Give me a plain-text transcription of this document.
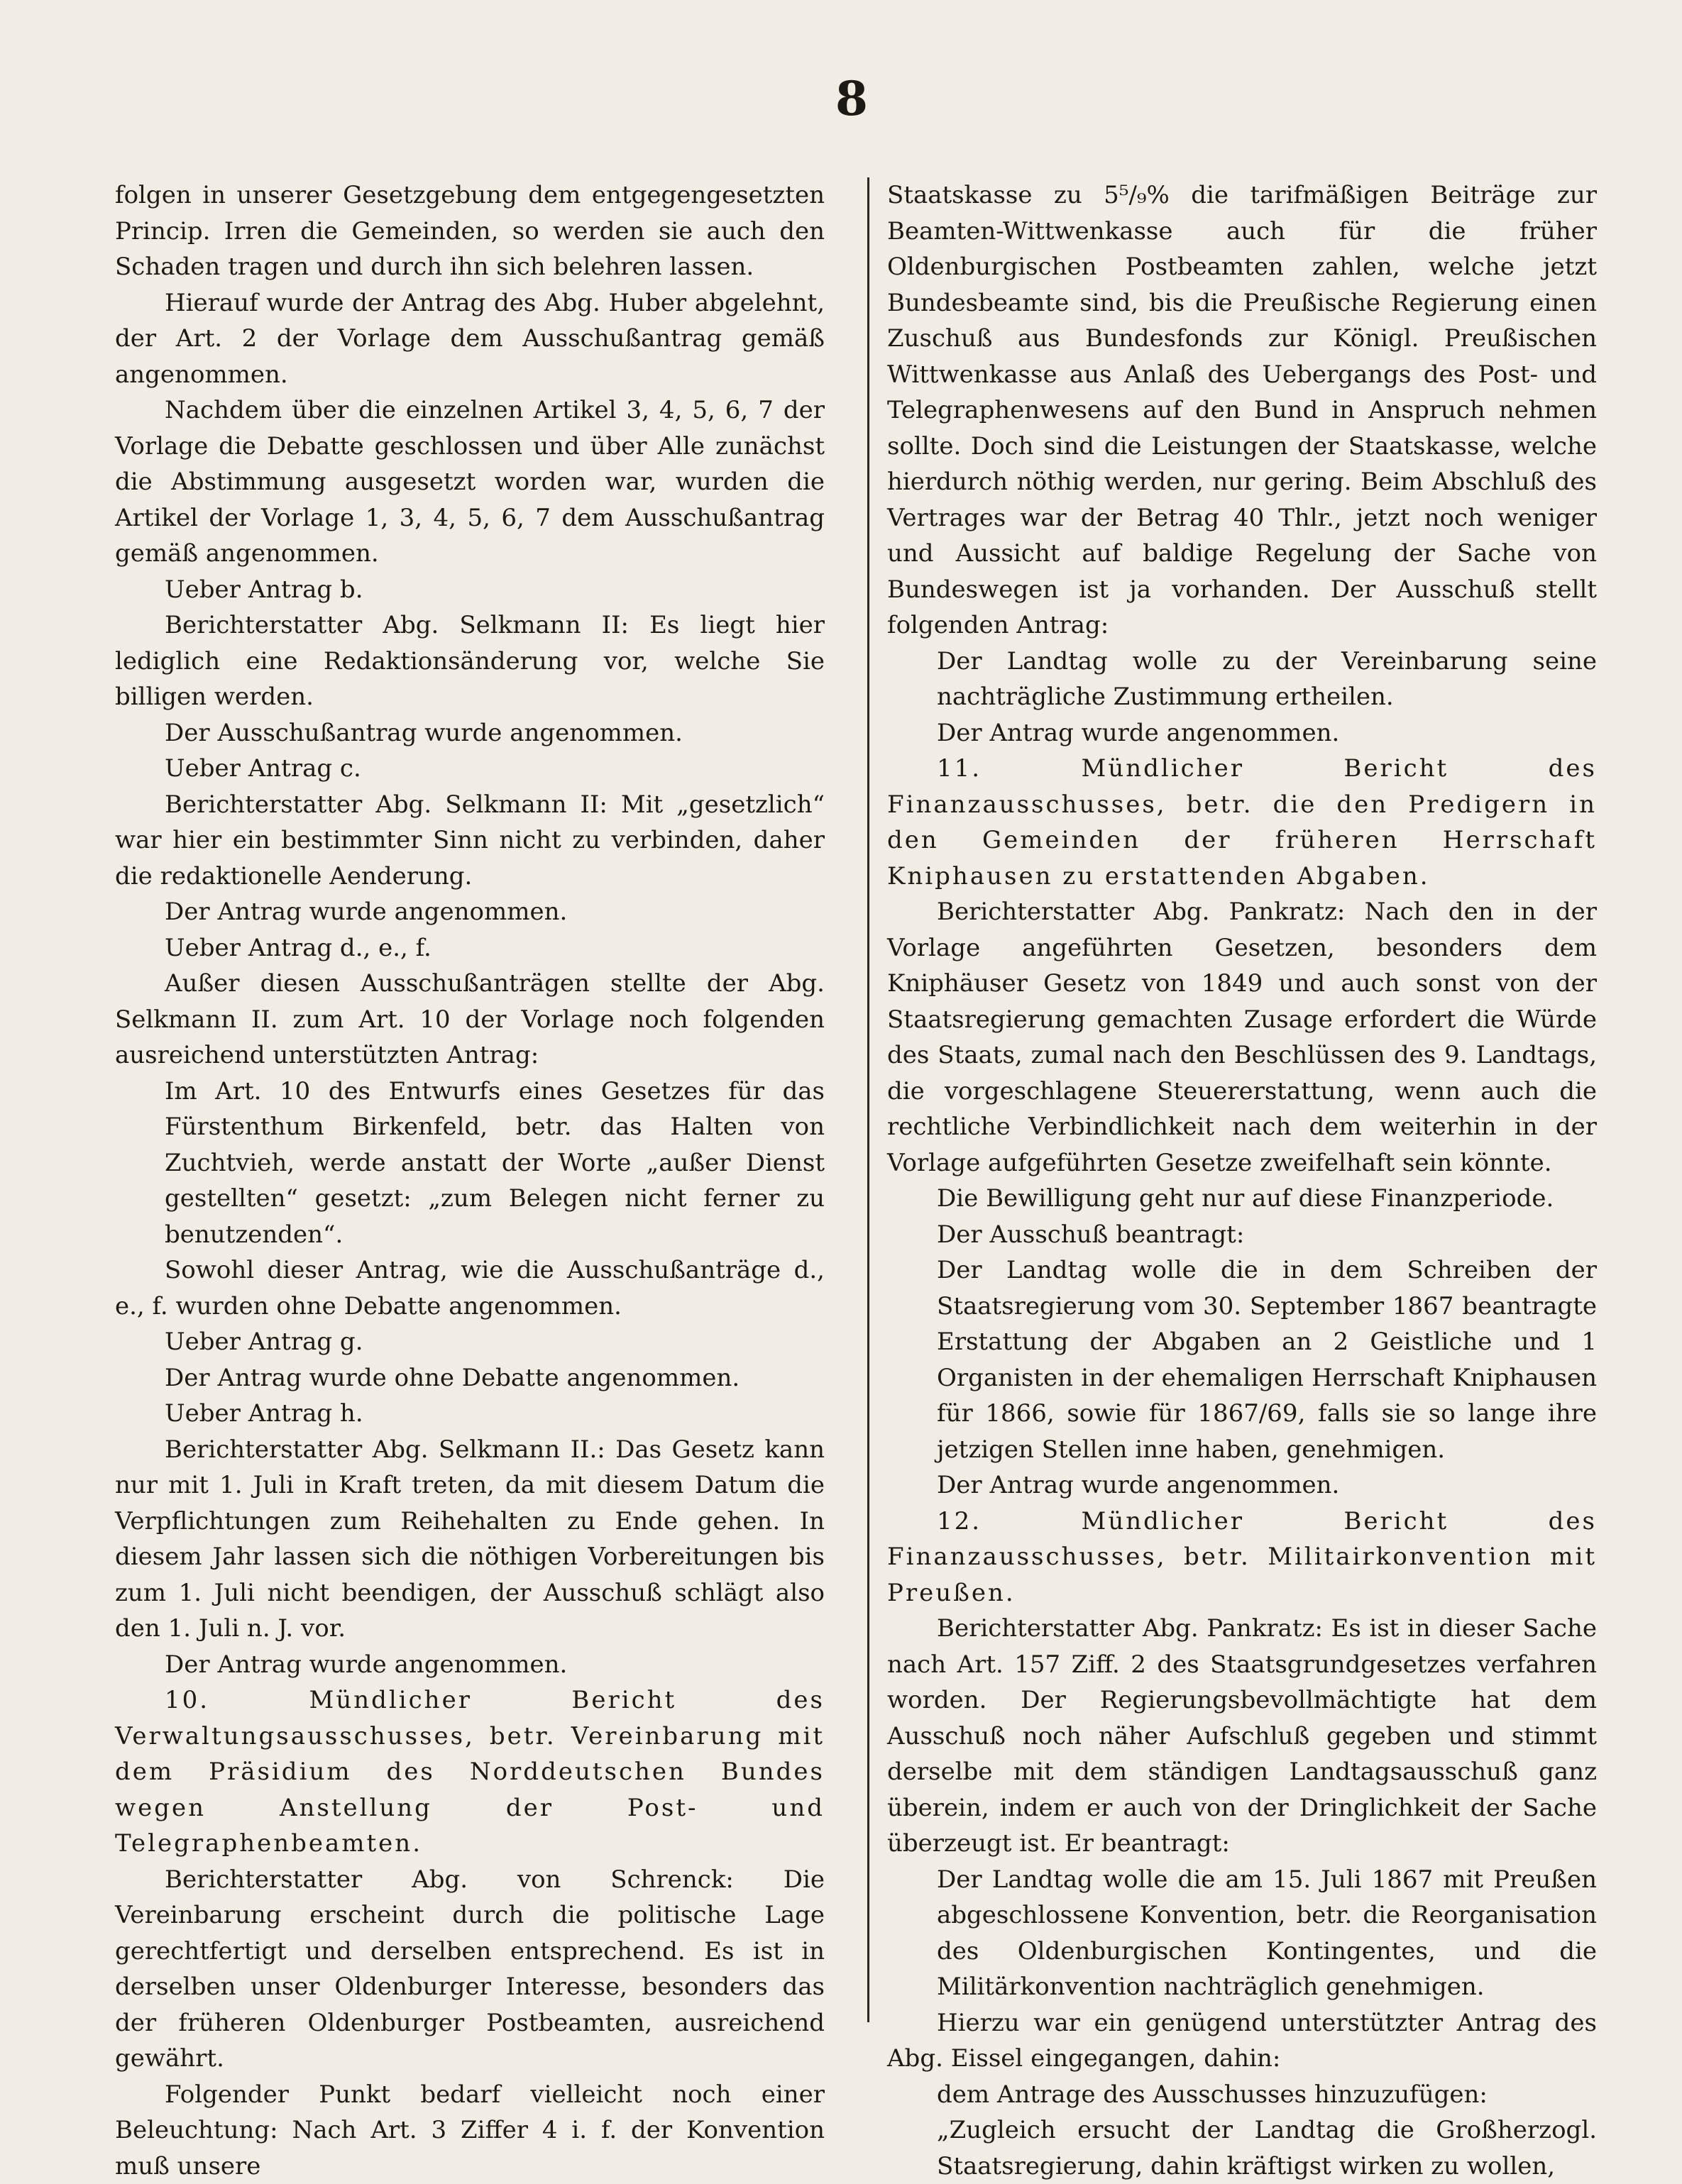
8

folgen in unserer Gesetzgebung dem entgegengesetzten Princip. Irren die Gemeinden, so werden sie auch den Schaden tragen und durch ihn sich belehren lassen.

Hierauf wurde der Antrag des Abg. Huber abgelehnt, der Art. 2 der Vorlage dem Ausschußantrag gemäß angenommen.

Nachdem über die einzelnen Artikel 3, 4, 5, 6, 7 der Vorlage die Debatte geschlossen und über Alle zunächst die Abstimmung ausgesetzt worden war, wurden die Artikel der Vorlage 1, 3, 4, 5, 6, 7 dem Ausschußantrag gemäß angenommen.

Ueber Antrag b.

Berichterstatter Abg. Selkmann II: Es liegt hier lediglich eine Redaktionsänderung vor, welche Sie billigen werden.

Der Ausschußantrag wurde angenommen.

Ueber Antrag c.

Berichterstatter Abg. Selkmann II: Mit „gesetzlich“ war hier ein bestimmter Sinn nicht zu verbinden, daher die redaktionelle Aenderung.

Der Antrag wurde angenommen.

Ueber Antrag d., e., f.

Außer diesen Ausschußanträgen stellte der Abg. Selkmann II. zum Art. 10 der Vorlage noch folgenden ausreichend unterstützten Antrag:

Im Art. 10 des Entwurfs eines Gesetzes für das Fürstenthum Birkenfeld, betr. das Halten von Zuchtvieh, werde anstatt der Worte „außer Dienst gestellten“ gesetzt: „zum Belegen nicht ferner zu benutzenden“.

Sowohl dieser Antrag, wie die Ausschußanträge d., e., f. wurden ohne Debatte angenommen.

Ueber Antrag g.

Der Antrag wurde ohne Debatte angenommen.

Ueber Antrag h.

Berichterstatter Abg. Selkmann II.: Das Gesetz kann nur mit 1. Juli in Kraft treten, da mit diesem Datum die Verpflichtungen zum Reihehalten zu Ende gehen. In diesem Jahr lassen sich die nöthigen Vorbereitungen bis zum 1. Juli nicht beendigen, der Ausschuß schlägt also den 1. Juli n. J. vor.

Der Antrag wurde angenommen.

10. Mündlicher Bericht des Verwaltungsausschusses, betr. Vereinbarung mit dem Präsidium des Norddeutschen Bundes wegen Anstellung der Post- und Telegraphenbeamten.

Berichterstatter Abg. von Schrenck: Die Vereinbarung erscheint durch die politische Lage gerechtfertigt und derselben entsprechend. Es ist in derselben unser Oldenburger Interesse, besonders das der früheren Oldenburger Postbeamten, ausreichend gewährt.

Folgender Punkt bedarf vielleicht noch einer Beleuchtung: Nach Art. 3 Ziffer 4 i. f. der Konvention muß unsere

Staatskasse zu 5⁵/₉% die tarifmäßigen Beiträge zur Beamten-Wittwenkasse auch für die früher Oldenburgischen Postbeamten zahlen, welche jetzt Bundesbeamte sind, bis die Preußische Regierung einen Zuschuß aus Bundesfonds zur Königl. Preußischen Wittwenkasse aus Anlaß des Uebergangs des Post- und Telegraphenwesens auf den Bund in Anspruch nehmen sollte. Doch sind die Leistungen der Staatskasse, welche hierdurch nöthig werden, nur gering. Beim Abschluß des Vertrages war der Betrag 40 Thlr., jetzt noch weniger und Aussicht auf baldige Regelung der Sache von Bundeswegen ist ja vorhanden. Der Ausschuß stellt folgenden Antrag:

Der Landtag wolle zu der Vereinbarung seine nachträgliche Zustimmung ertheilen.

Der Antrag wurde angenommen.

11. Mündlicher Bericht des Finanzausschusses, betr. die den Predigern in den Gemeinden der früheren Herrschaft Kniphausen zu erstattenden Abgaben.

Berichterstatter Abg. Pankratz: Nach den in der Vorlage angeführten Gesetzen, besonders dem Kniphäuser Gesetz von 1849 und auch sonst von der Staatsregierung gemachten Zusage erfordert die Würde des Staats, zumal nach den Beschlüssen des 9. Landtags, die vorgeschlagene Steuererstattung, wenn auch die rechtliche Verbindlichkeit nach dem weiterhin in der Vorlage aufgeführten Gesetze zweifelhaft sein könnte.

Die Bewilligung geht nur auf diese Finanzperiode.

Der Ausschuß beantragt:

Der Landtag wolle die in dem Schreiben der Staatsregierung vom 30. September 1867 beantragte Erstattung der Abgaben an 2 Geistliche und 1 Organisten in der ehemaligen Herrschaft Kniphausen für 1866, sowie für 1867/69, falls sie so lange ihre jetzigen Stellen inne haben, genehmigen.

Der Antrag wurde angenommen.

12. Mündlicher Bericht des Finanzausschusses, betr. Militairkonvention mit Preußen.

Berichterstatter Abg. Pankratz: Es ist in dieser Sache nach Art. 157 Ziff. 2 des Staatsgrundgesetzes verfahren worden. Der Regierungsbevollmächtigte hat dem Ausschuß noch näher Aufschluß gegeben und stimmt derselbe mit dem ständigen Landtagsausschuß ganz überein, indem er auch von der Dringlichkeit der Sache überzeugt ist. Er beantragt:

Der Landtag wolle die am 15. Juli 1867 mit Preußen abgeschlossene Konvention, betr. die Reorganisation des Oldenburgischen Kontingentes, und die Militärkonvention nachträglich genehmigen.

Hierzu war ein genügend unterstützter Antrag des Abg. Eissel eingegangen, dahin:

dem Antrage des Ausschusses hinzuzufügen:

„Zugleich ersucht der Landtag die Großherzogl. Staatsregierung, dahin kräftigst wirken zu wollen,
